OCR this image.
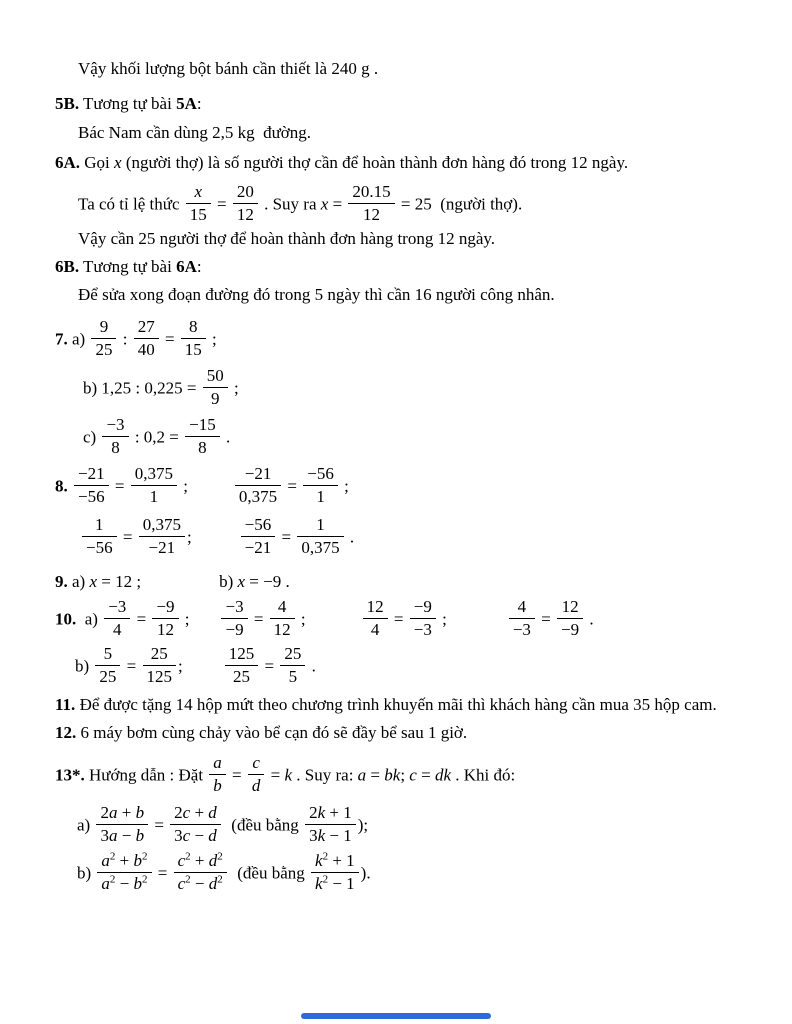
Vậy khối lượng bột bánh cần thiết là 240 g .
5B. Tương tự bài 5A:
Bác Nam cần dùng 2,5 kg  đường.
6A. Gọi x (người thợ) là số người thợ cần để hoàn thành đơn hàng đó trong 12 ngày.
Ta có tỉ lệ thức $\frac{x}{15} = \frac{20}{12}$ . Suy ra $x = \frac{20.15}{12} = 25$  (người thợ).
Vậy cần 25 người thợ để hoàn thành đơn hàng trong 12 ngày.
6B. Tương tự bài 6A:
Để sửa xong đoạn đường đó trong 5 ngày thì cần 16 người công nhân.
7. $a) \frac{9}{25}$ : $\frac{27}{40} = \frac{8}{15}$ ;
b) 1,25 : $0,225 = \frac{50}{9}$ ;
$c) \frac{-3}{8}$ : $0,2 = \frac{-15}{8}$ .
8. $\frac{-21}{-56} = \frac{0,375}{1}$ ;	$\frac{-21}{0,375} = \frac{-56}{1}$ ;
$\frac{1}{-56} = \frac{0,375}{-21}$ ;	$\frac{-56}{-21} = \frac{1}{0,375}$ .
9. a) x = 12 ;	b) x = −9 .
10.  $a) \frac{-3}{4} = \frac{-9}{12}$ ; $\frac{-3}{-9} = \frac{4}{12}$ ;	$\frac{12}{4} = \frac{-9}{-3}$ ;	$\frac{4}{-3} = \frac{12}{-9}$ .
$b) \frac{5}{25} = \frac{25}{125}$ ; $\frac{125}{25} = \frac{25}{5}$ .
11. Để được tặng 14 hộp mứt theo chương trình khuyến mãi thì khách hàng cần mua 35 hộp cam.
12. 6 máy bơm cùng chảy vào bể cạn đó sẽ đầy bể sau 1 giờ.
13*. Hướng dẫn : Đặt $\frac{a}{b} = \frac{c}{d} = k$ . Suy ra: a = bk; c = dk . Khi đó:
$a) \frac{2a + b}{3a - b} = \frac{2c + d}{3c - d}$ (đều bằng $\frac{2k + 1}{3k - 1}$ );
$b) \frac{a^2 + b^2}{a^2 - b^2} = \frac{c^2 + d^2}{c^2 - d^2}$ (đều bằng $\frac{k^2 + 1}{k^2 - 1}$ ).
